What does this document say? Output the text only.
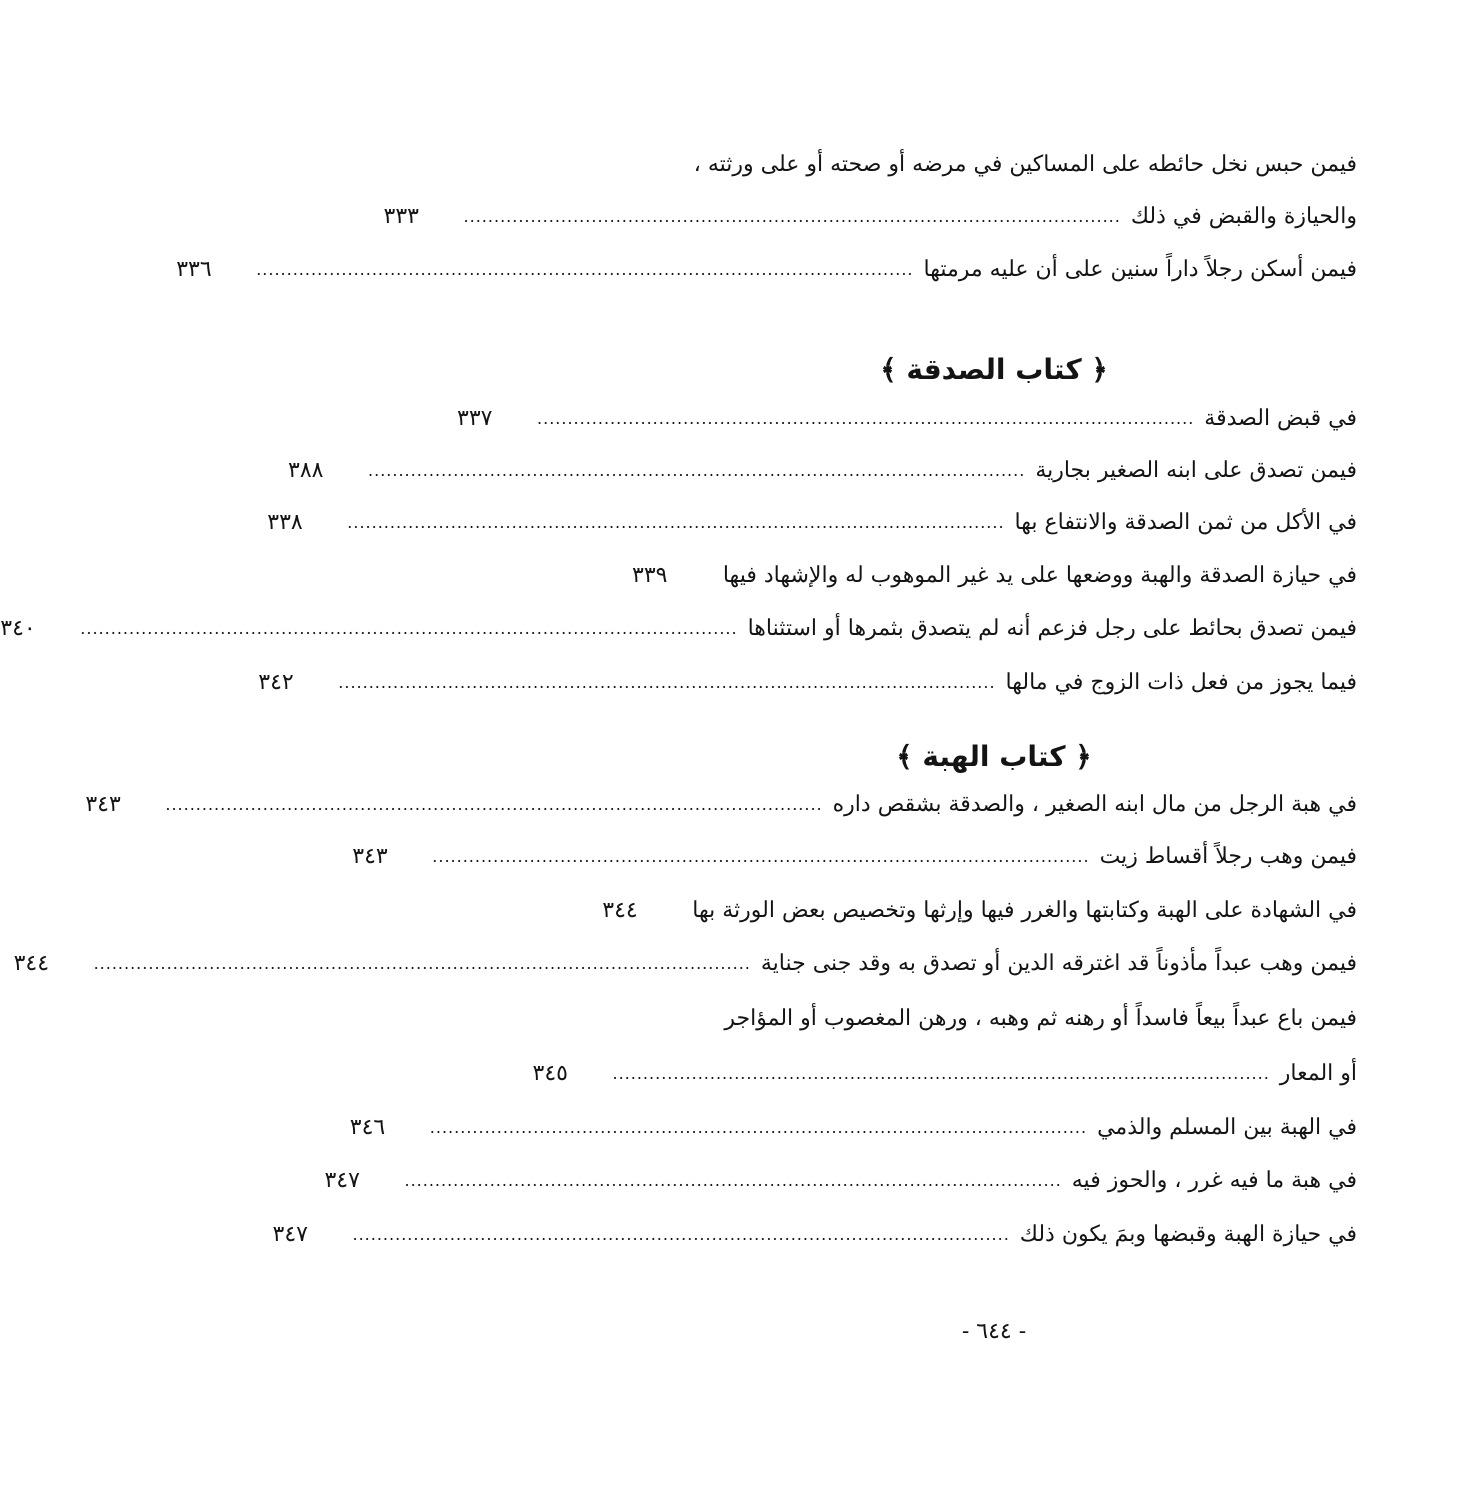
فيمن حبس نخل حائطه على المساكين في مرضه أو صحته أو على ورثته ،
والحيازة والقبض في ذلك
............................................................................................................
٣٣٣
فيمن أسكن رجلاً داراً سنين على أن عليه مرمتها
............................................................................................................
٣٣٦
﴿ كتاب الصدقة ﴾
في قبض الصدقة
............................................................................................................
٣٣٧
فيمن تصدق على ابنه الصغير بجارية
............................................................................................................
٣٨٨
في الأكل من ثمن الصدقة والانتفاع بها
............................................................................................................
٣٣٨
في حيازة الصدقة والهبة ووضعها على يد غير الموهوب له والإشهاد فيها
٣٣٩
فيمن تصدق بحائط على رجل فزعم أنه لم يتصدق بثمرها أو استثناها
............................................................................................................
٣٤٠
فيما يجوز من فعل ذات الزوج في مالها
............................................................................................................
٣٤٢
﴿ كتاب الهبة ﴾
في هبة الرجل من مال ابنه الصغير ، والصدقة بشقص داره
............................................................................................................
٣٤٣
فيمن وهب رجلاً أقساط زيت
............................................................................................................
٣٤٣
في الشهادة على الهبة وكتابتها والغرر فيها وإرثها وتخصيص بعض الورثة بها
٣٤٤
فيمن وهب عبداً مأذوناً قد اغترقه الدين أو تصدق به وقد جنى جناية
............................................................................................................
٣٤٤
فيمن باع عبداً بيعاً فاسداً أو رهنه ثم وهبه ، ورهن المغصوب أو المؤاجر
أو المعار
............................................................................................................
٣٤٥
في الهبة بين المسلم والذمي
............................................................................................................
٣٤٦
في هبة ما فيه غرر ، والحوز فيه
............................................................................................................
٣٤٧
في حيازة الهبة وقبضها وبمَ يكون ذلك
............................................................................................................
٣٤٧
- ٦٤٤ -
